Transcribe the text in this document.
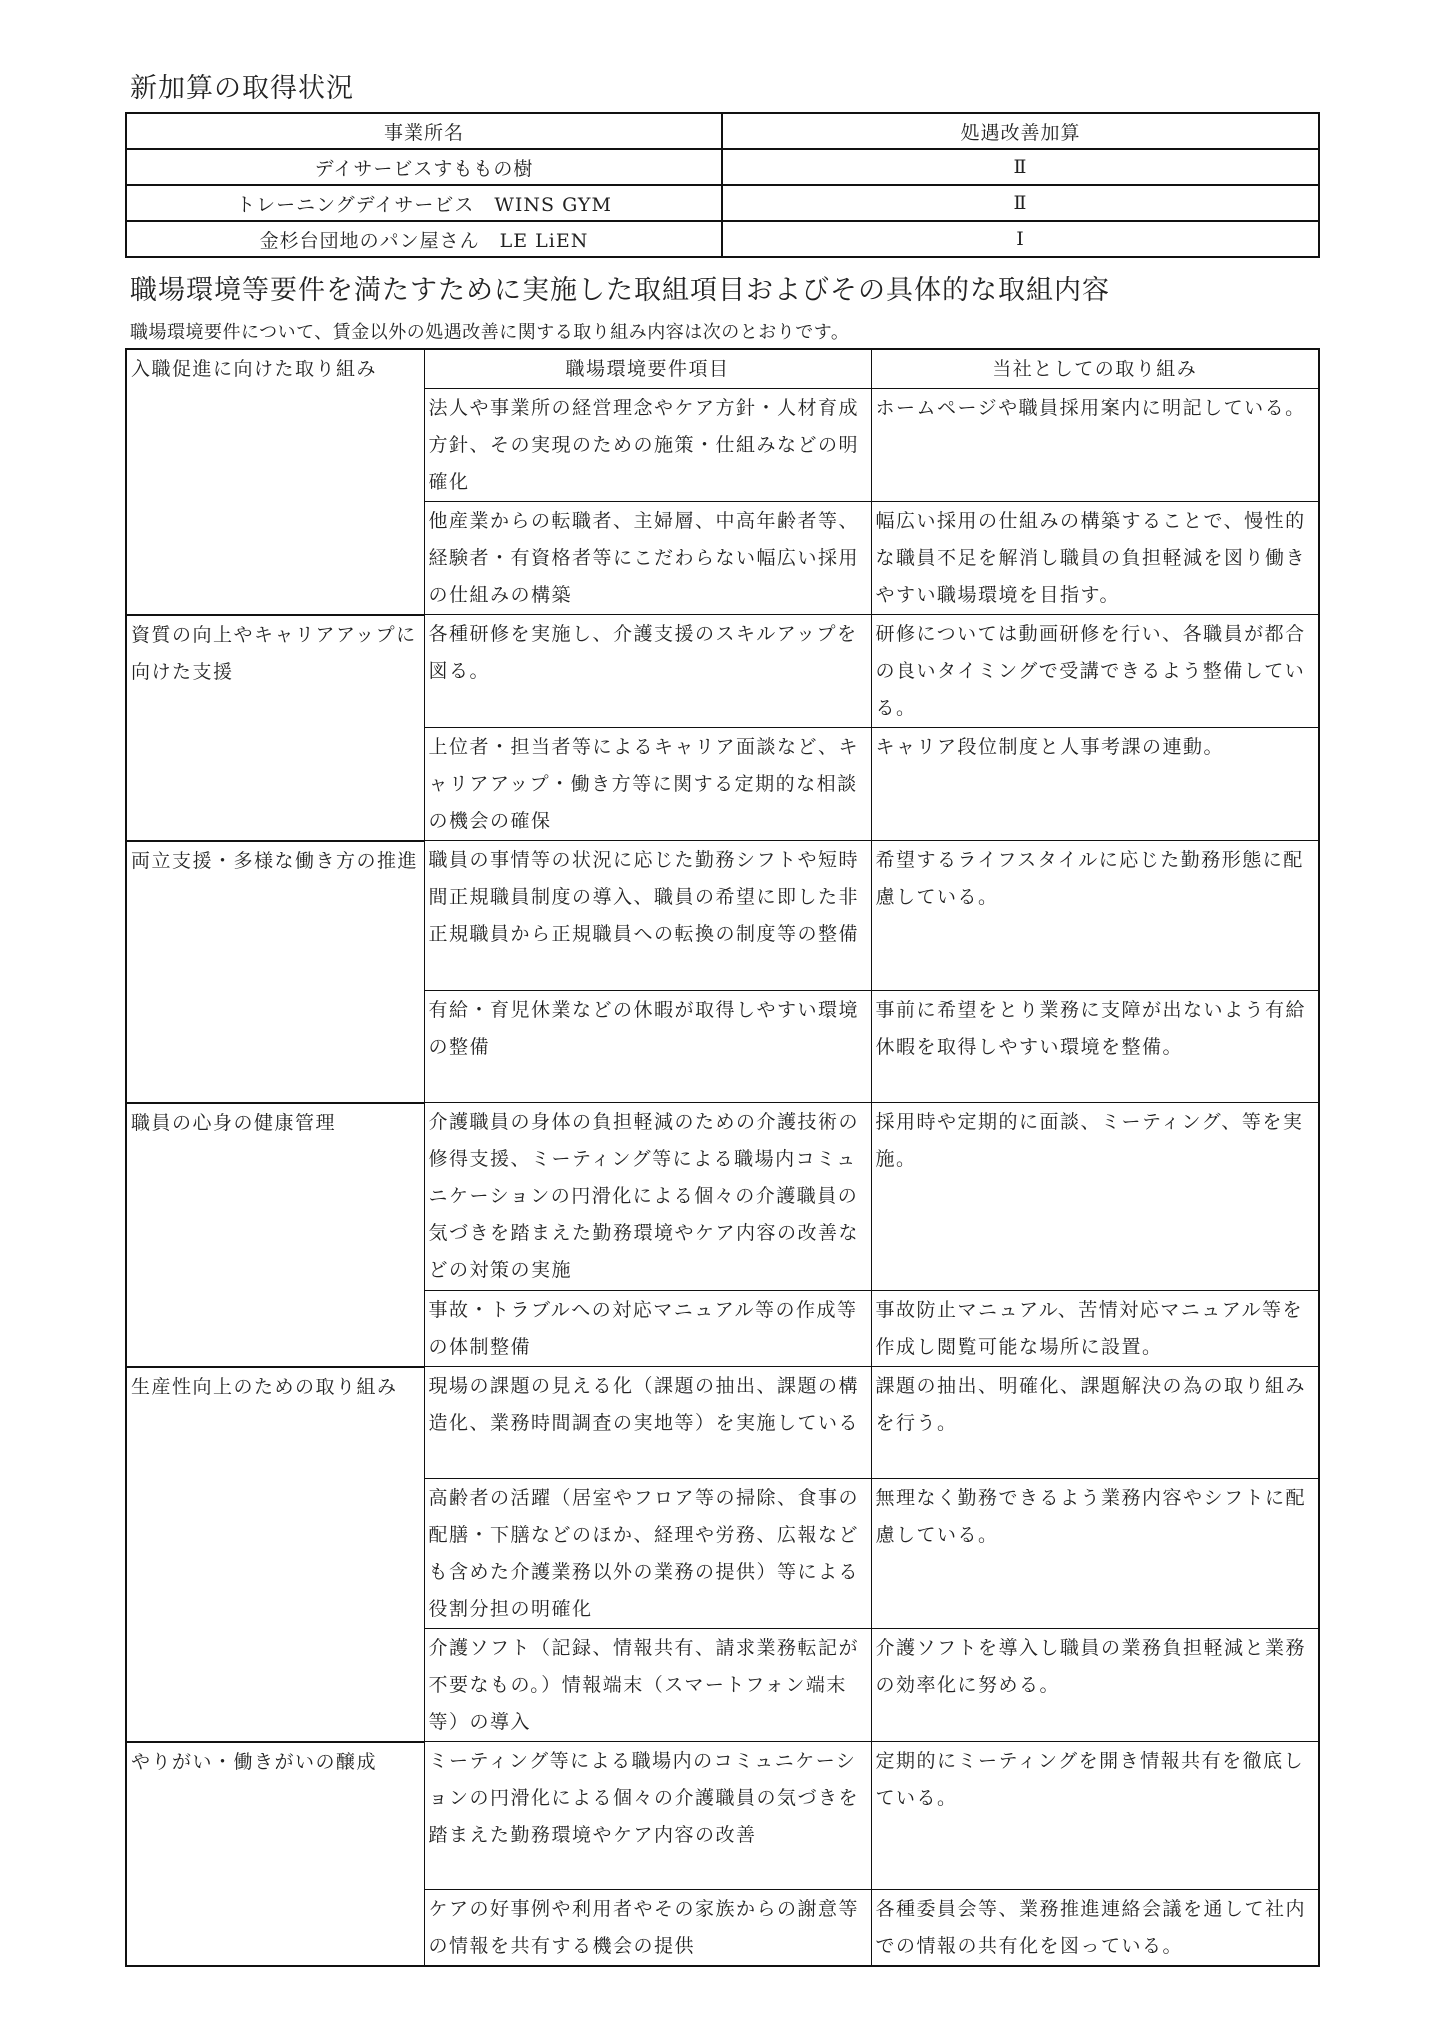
新加算の取得状況
事業所名	処遇改善加算
デイサービスすももの樹	Ⅱ
トレーニングデイサービス　WINS GYM	Ⅱ
金杉台団地のパン屋さん　LE LiEN	Ⅰ
職場環境等要件を満たすために実施した取組項目およびその具体的な取組内容
職場環境要件について、賃金以外の処遇改善に関する取り組み内容は次のとおりです。
入職促進に向けた取り組み	職場環境要件項目	当社としての取り組み
	法人や事業所の経営理念やケア方針・人材育成方針、その実現のための施策・仕組みなどの明確化	ホームページや職員採用案内に明記している。
	他産業からの転職者、主婦層、中高年齢者等、経験者・有資格者等にこだわらない幅広い採用の仕組みの構築	幅広い採用の仕組みの構築することで、慢性的な職員不足を解消し職員の負担軽減を図り働きやすい職場環境を目指す。
資質の向上やキャリアアップに向けた支援	各種研修を実施し、介護支援のスキルアップを図る。	研修については動画研修を行い、各職員が都合の良いタイミングで受講できるよう整備している。
	上位者・担当者等によるキャリア面談など、キャリアアップ・働き方等に関する定期的な相談の機会の確保	キャリア段位制度と人事考課の連動。
両立支援・多様な働き方の推進	職員の事情等の状況に応じた勤務シフトや短時間正規職員制度の導入、職員の希望に即した非正規職員から正規職員への転換の制度等の整備	希望するライフスタイルに応じた勤務形態に配慮している。
	有給・育児休業などの休暇が取得しやすい環境の整備	事前に希望をとり業務に支障が出ないよう有給休暇を取得しやすい環境を整備。
職員の心身の健康管理	介護職員の身体の負担軽減のための介護技術の修得支援、ミーティング等による職場内コミュニケーションの円滑化による個々の介護職員の気づきを踏まえた勤務環境やケア内容の改善などの対策の実施	採用時や定期的に面談、ミーティング、等を実施。
	事故・トラブルへの対応マニュアル等の作成等の体制整備	事故防止マニュアル、苦情対応マニュアル等を作成し閲覧可能な場所に設置。
生産性向上のための取り組み	現場の課題の見える化（課題の抽出、課題の構造化、業務時間調査の実地等）を実施している	課題の抽出、明確化、課題解決の為の取り組みを行う。
	高齢者の活躍（居室やフロア等の掃除、食事の配膳・下膳などのほか、経理や労務、広報なども含めた介護業務以外の業務の提供）等による役割分担の明確化	無理なく勤務できるよう業務内容やシフトに配慮している。
	介護ソフト（記録、情報共有、請求業務転記が不要なもの。）情報端末（スマートフォン端末等）の導入	介護ソフトを導入し職員の業務負担軽減と業務の効率化に努める。
やりがい・働きがいの醸成	ミーティング等による職場内のコミュニケーションの円滑化による個々の介護職員の気づきを踏まえた勤務環境やケア内容の改善	定期的にミーティングを開き情報共有を徹底している。
	ケアの好事例や利用者やその家族からの謝意等の情報を共有する機会の提供	各種委員会等、業務推進連絡会議を通して社内での情報の共有化を図っている。
